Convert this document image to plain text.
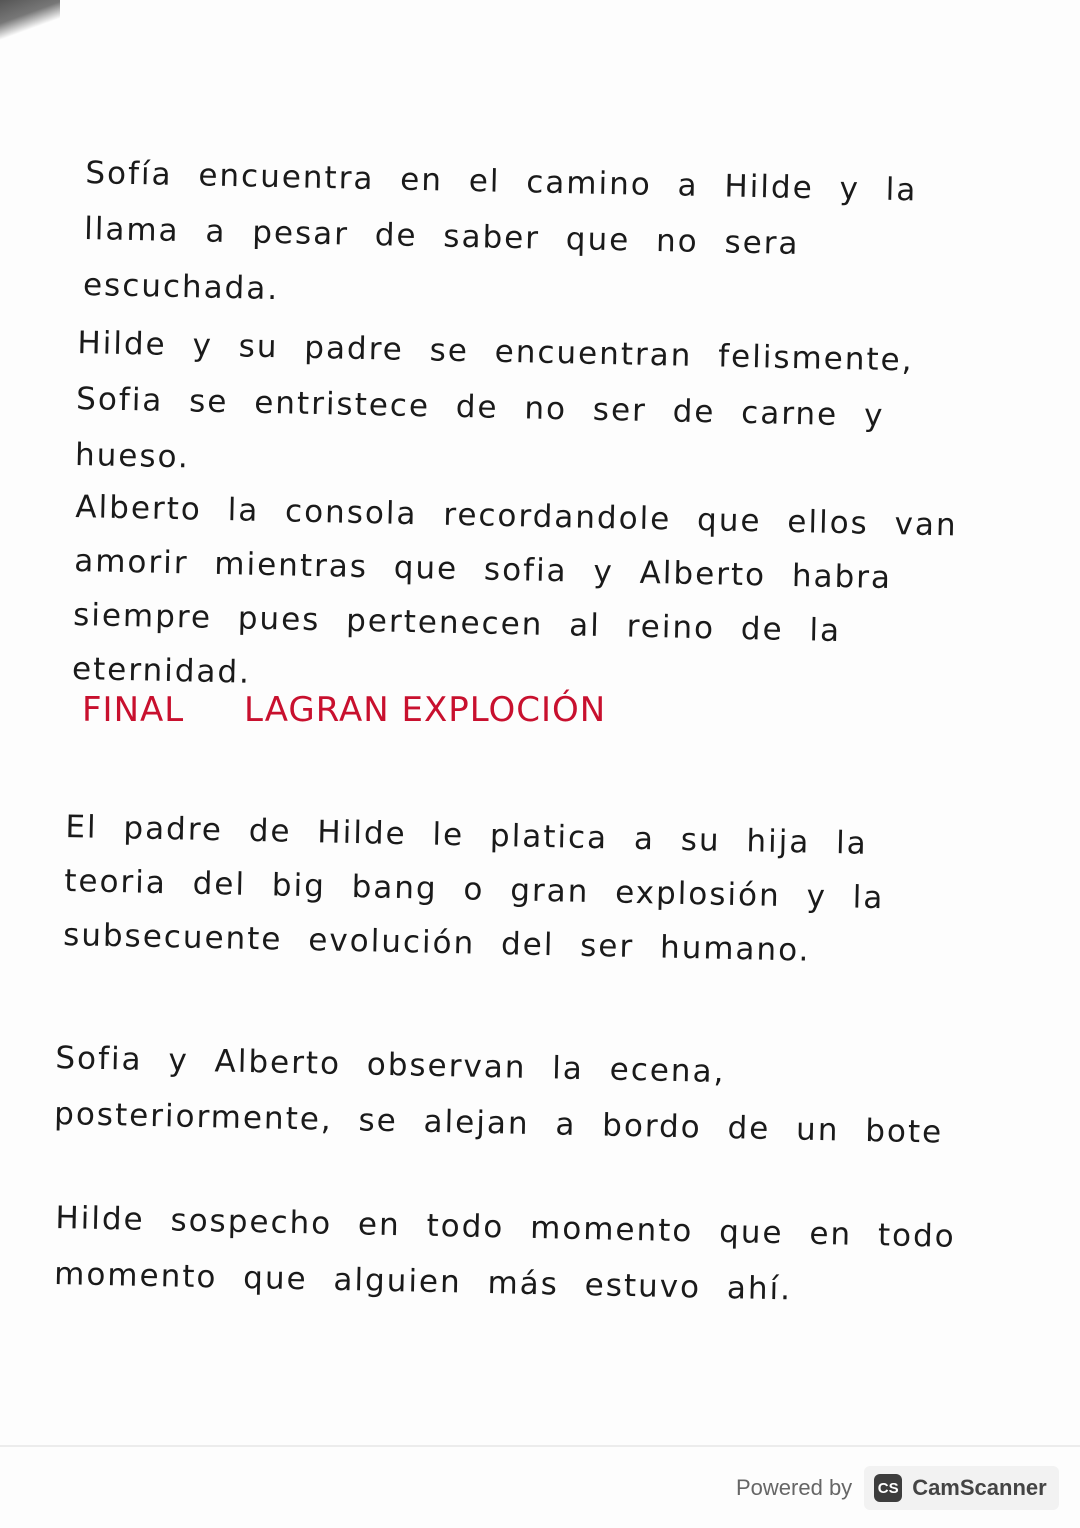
Sofía encuentra en el camino a Hilde y la llama a pesar de saber que no sera escuchada.
Hilde y su padre se encuentran felismente, Sofia se entristece de no ser de carne y hueso.
Alberto la consola recordandole que ellos van amorir mientras que sofia y Alberto habra siempre pues pertenecen al reino de la eternidad.
FINAL LAGRAN EXPLOCIÓN
El padre de Hilde le platica a su hija la teoria del big bang o gran explosión y la subsecuente evolución del ser humano.
Sofia y Alberto observan la ecena, posteriormente, se alejan a bordo de un bote
Hilde sospecho en todo momento que en todo momento que alguien más estuvo ahí.
Powered by CS CamScanner
